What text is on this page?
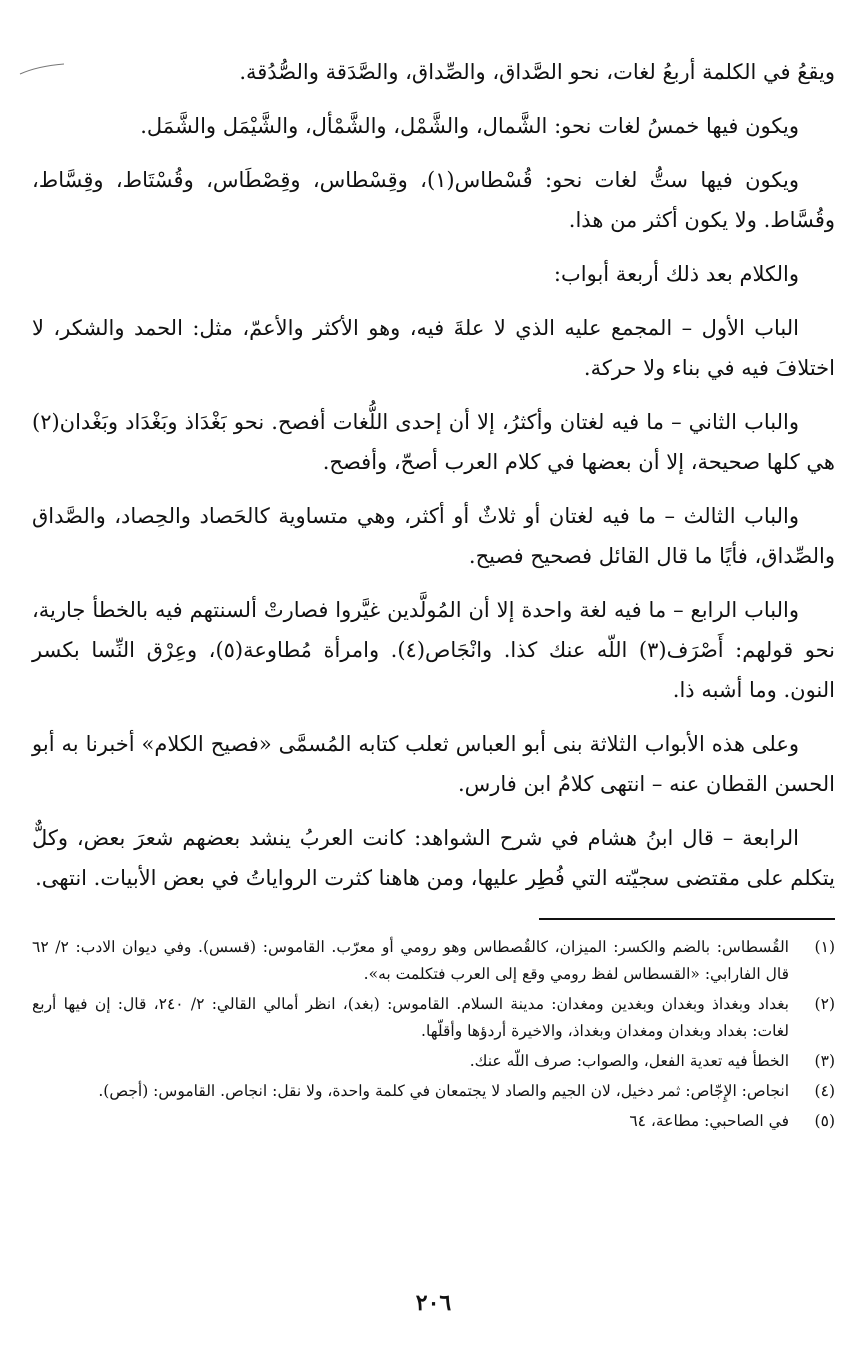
ويقعُ في الكلمة أربعُ لغات، نحو الصَّداق، والصِّداق، والصَّدَقة والصُّدُقة.

ويكون فيها خمسُ لغات نحو: الشَّمال، والشَّمْل، والشَّمْأل، والشَّيْمَل والشَّمَل.

ويكون فيها ستُّ لغات نحو: قُسْطاس(١)، وقِسْطاس، وقِصْطَاس، وقُسْتَاط، وقِسَّاط، وقُسَّاط. ولا يكون أكثر من هذا.

والكلام بعد ذلك أربعة أبواب:

الباب الأول – المجمع عليه الذي لا علةَ فيه، وهو الأكثر والأعمّ، مثل: الحمد والشكر، لا اختلافَ فيه في بناء ولا حركة.

والباب الثاني – ما فيه لغتان وأكثرُ، إلا أن إحدى اللُّغات أفصح. نحو بَغْدَاذ وبَغْدَاد وبَغْدان(٢) هي كلها صحيحة، إلا أن بعضها في كلام العرب أصحّ، وأفصح.

والباب الثالث – ما فيه لغتان أو ثلاثٌ أو أكثر، وهي متساوية كالحَصاد والحِصاد، والصَّداق والصِّداق، فأيًا ما قال القائل فصحيح فصيح.

والباب الرابع – ما فيه لغة واحدة إلا أن المُولَّدين غيَّروا فصارتْ ألسنتهم فيه بالخطأ جارية، نحو قولهم: أَصْرَف(٣) اللّه عنك كذا. وانْجَاص(٤). وامرأة مُطاوعة(٥)، وعِرْق النِّسا بكسر النون. وما أشبه ذا.

وعلى هذه الأبواب الثلاثة بنى أبو العباس ثعلب كتابه المُسمَّى «فصيح الكلام» أخبرنا به أبو الحسن القطان عنه – انتهى كلامُ ابن فارس.

الرابعة – قال ابنُ هشام في شرح الشواهد: كانت العربُ ينشد بعضهم شعرَ بعض، وكلٌّ يتكلم على مقتضى سجيّته التي فُطِر عليها، ومن هاهنا كثرت الرواياتُ في بعض الأبيات. انتهى.

(١)
القُسطاس: بالضم والكسر: الميزان، كالقُصطاس وهو رومي أو معرّب. القاموس: (قسس). وفي ديوان الادب: ٢/ ٦٢ قال الفارابي: «القسطاس لفظ رومي وقع إلى العرب فتكلمت به».
(٢)
بغداد وبغداذ وبغدان وبغدين ومغدان: مدينة السلام. القاموس: (بغد)، انظر أمالي القالي: ٢/ ٢٤٠، قال: إن فيها أربع لغات: بغداد وبغدان ومغدان وبغداذ، والاخيرة أردؤها وأقلّها.
(٣)
الخطأ فيه تعدية الفعل، والصواب: صرف اللّه عنك.
(٤)
انجاص: الإِجّاص: ثمر دخيل، لان الجيم والصاد لا يجتمعان في كلمة واحدة، ولا نقل: انجاص. القاموس: (أجص).
(٥)
في الصاحبي: مطاعة، ٦٤
٢٠٦
